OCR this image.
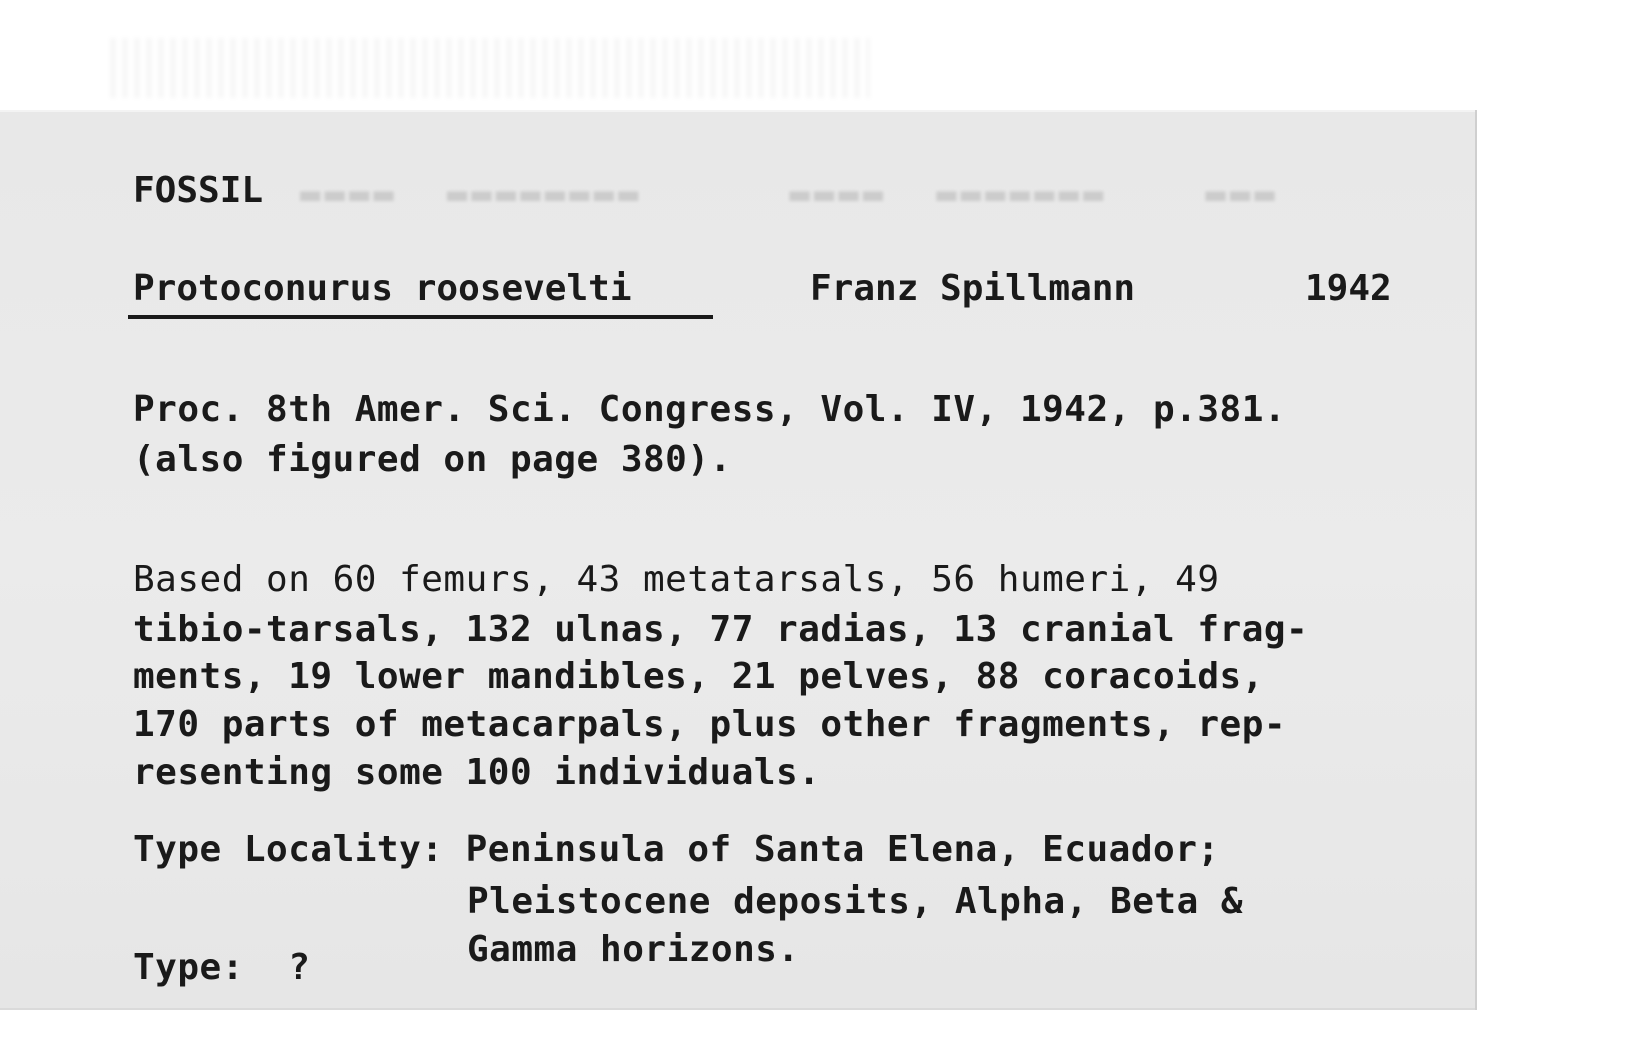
▬▬▬▬  ▬▬▬▬▬▬▬▬      ▬▬▬▬  ▬▬▬▬▬▬▬    ▬▬▬
FOSSIL
Protoconurus roosevelti	Franz Spillmann	1942
Proc. 8th Amer. Sci. Congress, Vol. IV, 1942, p.381.
(also figured on page 380).
Based on 60 femurs, 43 metatarsals, 56 humeri, 49
tibio-tarsals, 132 ulnas, 77 radias, 13 cranial frag-
ments, 19 lower mandibles, 21 pelves, 88 coracoids,
170 parts of metacarpals, plus other fragments, rep-
resenting some 100 individuals.
Type Locality: Peninsula of Santa Elena, Ecuador;
Pleistocene deposits, Alpha, Beta &
Gamma horizons.
Type: ?
